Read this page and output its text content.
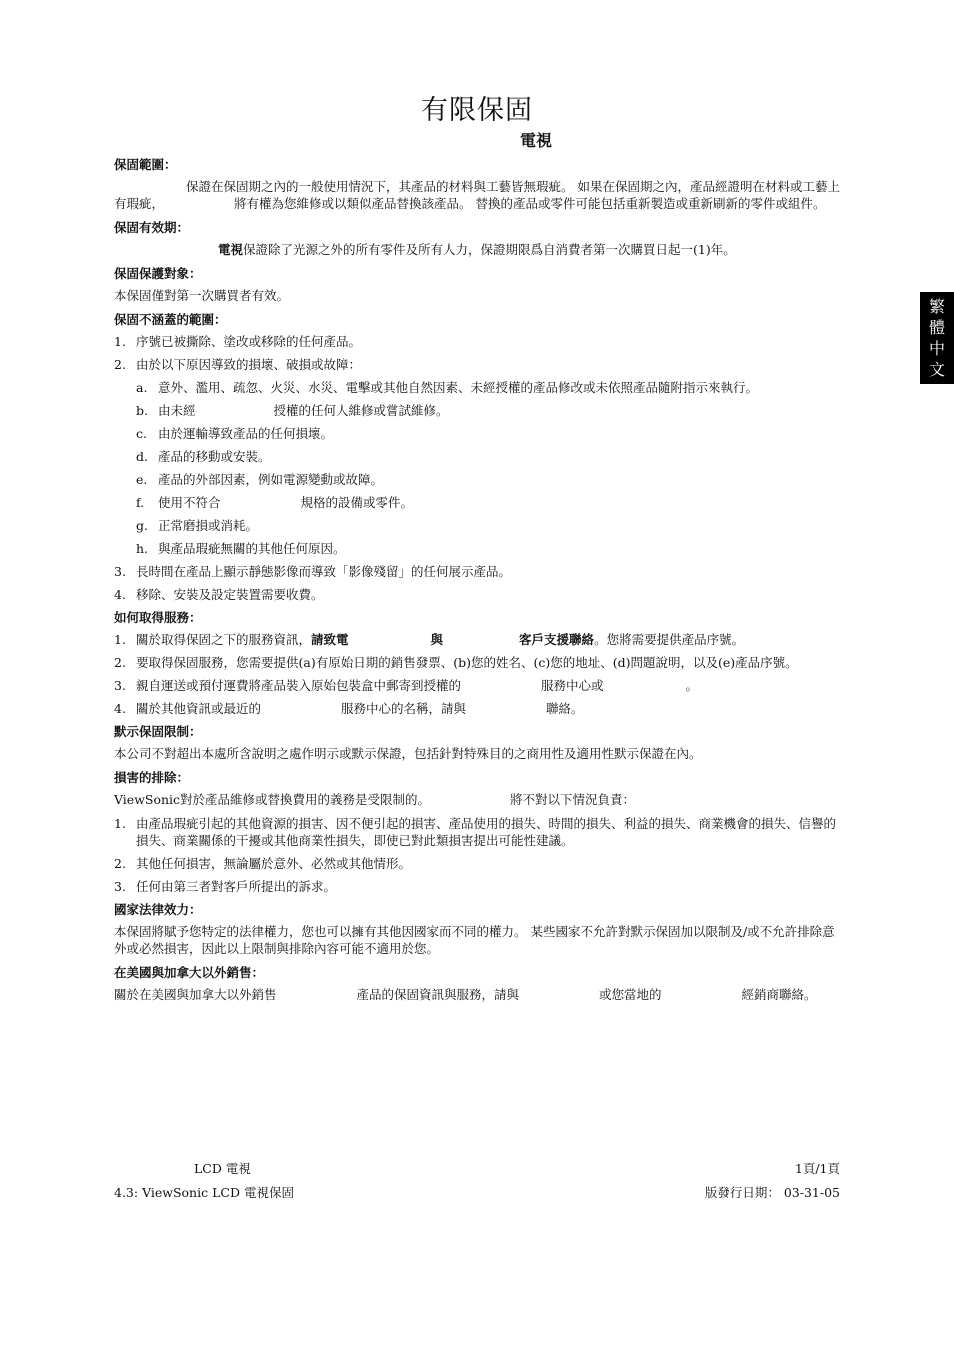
有限保固
電視
繁
體
中
文
保固範圍：
保證在保固期之內的一般使用情況下，其產品的材料與工藝皆無瑕疵。 如果在保固期之內，產品經證明在材料或工藝上有瑕疵，	將有權為您維修或以類似產品替換該產品。 替換的產品或零件可能包括重新製造或重新刷新的零件或組件。
保固有效期：
電視保證除了光源之外的所有零件及所有人力，保證期限爲自消費者第一次購買日起一(1)年。
保固保護對象：
本保固僅對第一次購買者有效。
保固不涵蓋的範圍：
1. 序號已被撕除、塗改或移除的任何產品。
2. 由於以下原因導致的損壞、破損或故障：
a. 意外、濫用、疏忽、火災、水災、電擊或其他自然因素、未經授權的產品修改或未依照產品隨附指示來執行。
b. 由未經	授權的任何人維修或嘗試維修。
c. 由於運輸導致產品的任何損壞。
d. 產品的移動或安裝。
e. 產品的外部因素，例如電源變動或故障。
f. 使用不符合	規格的設備或零件。
g. 正常磨損或消耗。
h. 與產品瑕疵無關的其他任何原因。
3. 長時間在產品上顯示靜態影像而導致「影像殘留」的任何展示產品。
4. 移除、安裝及設定裝置需要收費。
如何取得服務：
1. 關於取得保固之下的服務資訊，請致電	與	客戶支援聯絡。您將需要提供產品序號。
2. 要取得保固服務，您需要提供(a)有原始日期的銷售發票、(b)您的姓名、(c)您的地址、(d)問題說明，以及(e)產品序號。
3. 親自運送或預付運費將產品裝入原始包裝盒中郵寄到授權的	服務中心或	。
4. 關於其他資訊或最近的	服務中心的名稱，請與	聯絡。
默示保固限制：
本公司不對超出本處所含說明之處作明示或默示保證，包括針對特殊目的之商用性及適用性默示保證在內。
損害的排除：
ViewSonic對於產品維修或替換費用的義務是受限制的。	將不對以下情況負責：
1. 由產品瑕疵引起的其他資源的損害、因不便引起的損害、產品使用的損失、時間的損失、利益的損失、商業機會的損失、信譽的損失、商業關係的干擾或其他商業性損失，即使已對此類損害提出可能性建議。
2. 其他任何損害，無論屬於意外、必然或其他情形。
3. 任何由第三者對客戶所提出的訴求。
國家法律效力：
本保固將賦予您特定的法律權力，您也可以擁有其他因國家而不同的權力。 某些國家不允許對默示保固加以限制及/或不允許排除意外或必然損害，因此以上限制與排除內容可能不適用於您。
在美國與加拿大以外銷售：
關於在美國與加拿大以外銷售	產品的保固資訊與服務，請與	或您當地的	經銷商聯絡。
LCD 電視	1頁/1頁
4.3: ViewSonic LCD 電視保固	版發行日期： 03-31-05
